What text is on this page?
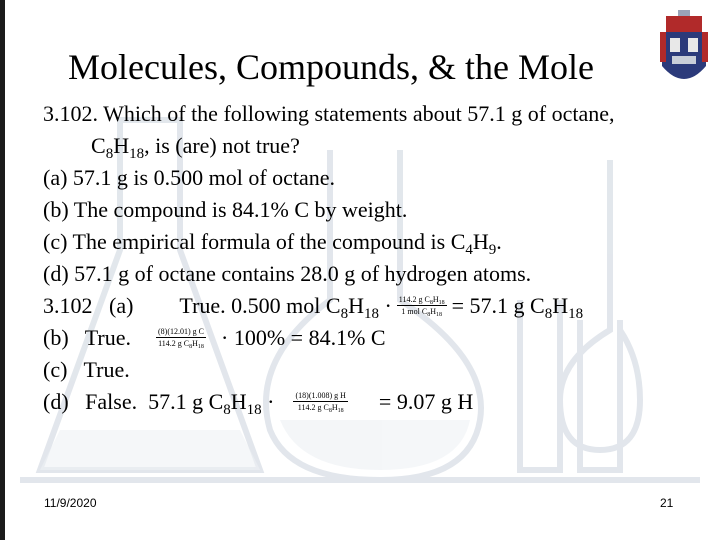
Molecules, Compounds, & the Mole
3.102. Which of the following statements about 57.1 g of octane,
$C_8H_{18}$, is (are) not true?
(a) 57.1 g is 0.500 mol of octane.
(b) The compound is 84.1% C by weight.
(c) The empirical formula of the compound is $C_4H_9$.
(d) 57.1 g of octane contains 28.0 g of hydrogen atoms.
3.102   (a) True. 0.500 mol $C_8H_{18} \cdot \frac{114.2 g C_8H_{18}}{1 mol C_8H_{18}} = 57.1$ g $C_8H_{18}$
(b)   True.	$\frac{\text{(8)(12.01) g C}}{114.2 g C_8H_{18}} \cdot 100\% = 84.1\%$ C
(c)   True.
(d)   False.  57.1 g $C_8H_{18} \cdot \frac{\text{(18)(1.008) g H}}{114.2 g C_8H_{18}} = 9.07$ g H
11/9/2020	21
